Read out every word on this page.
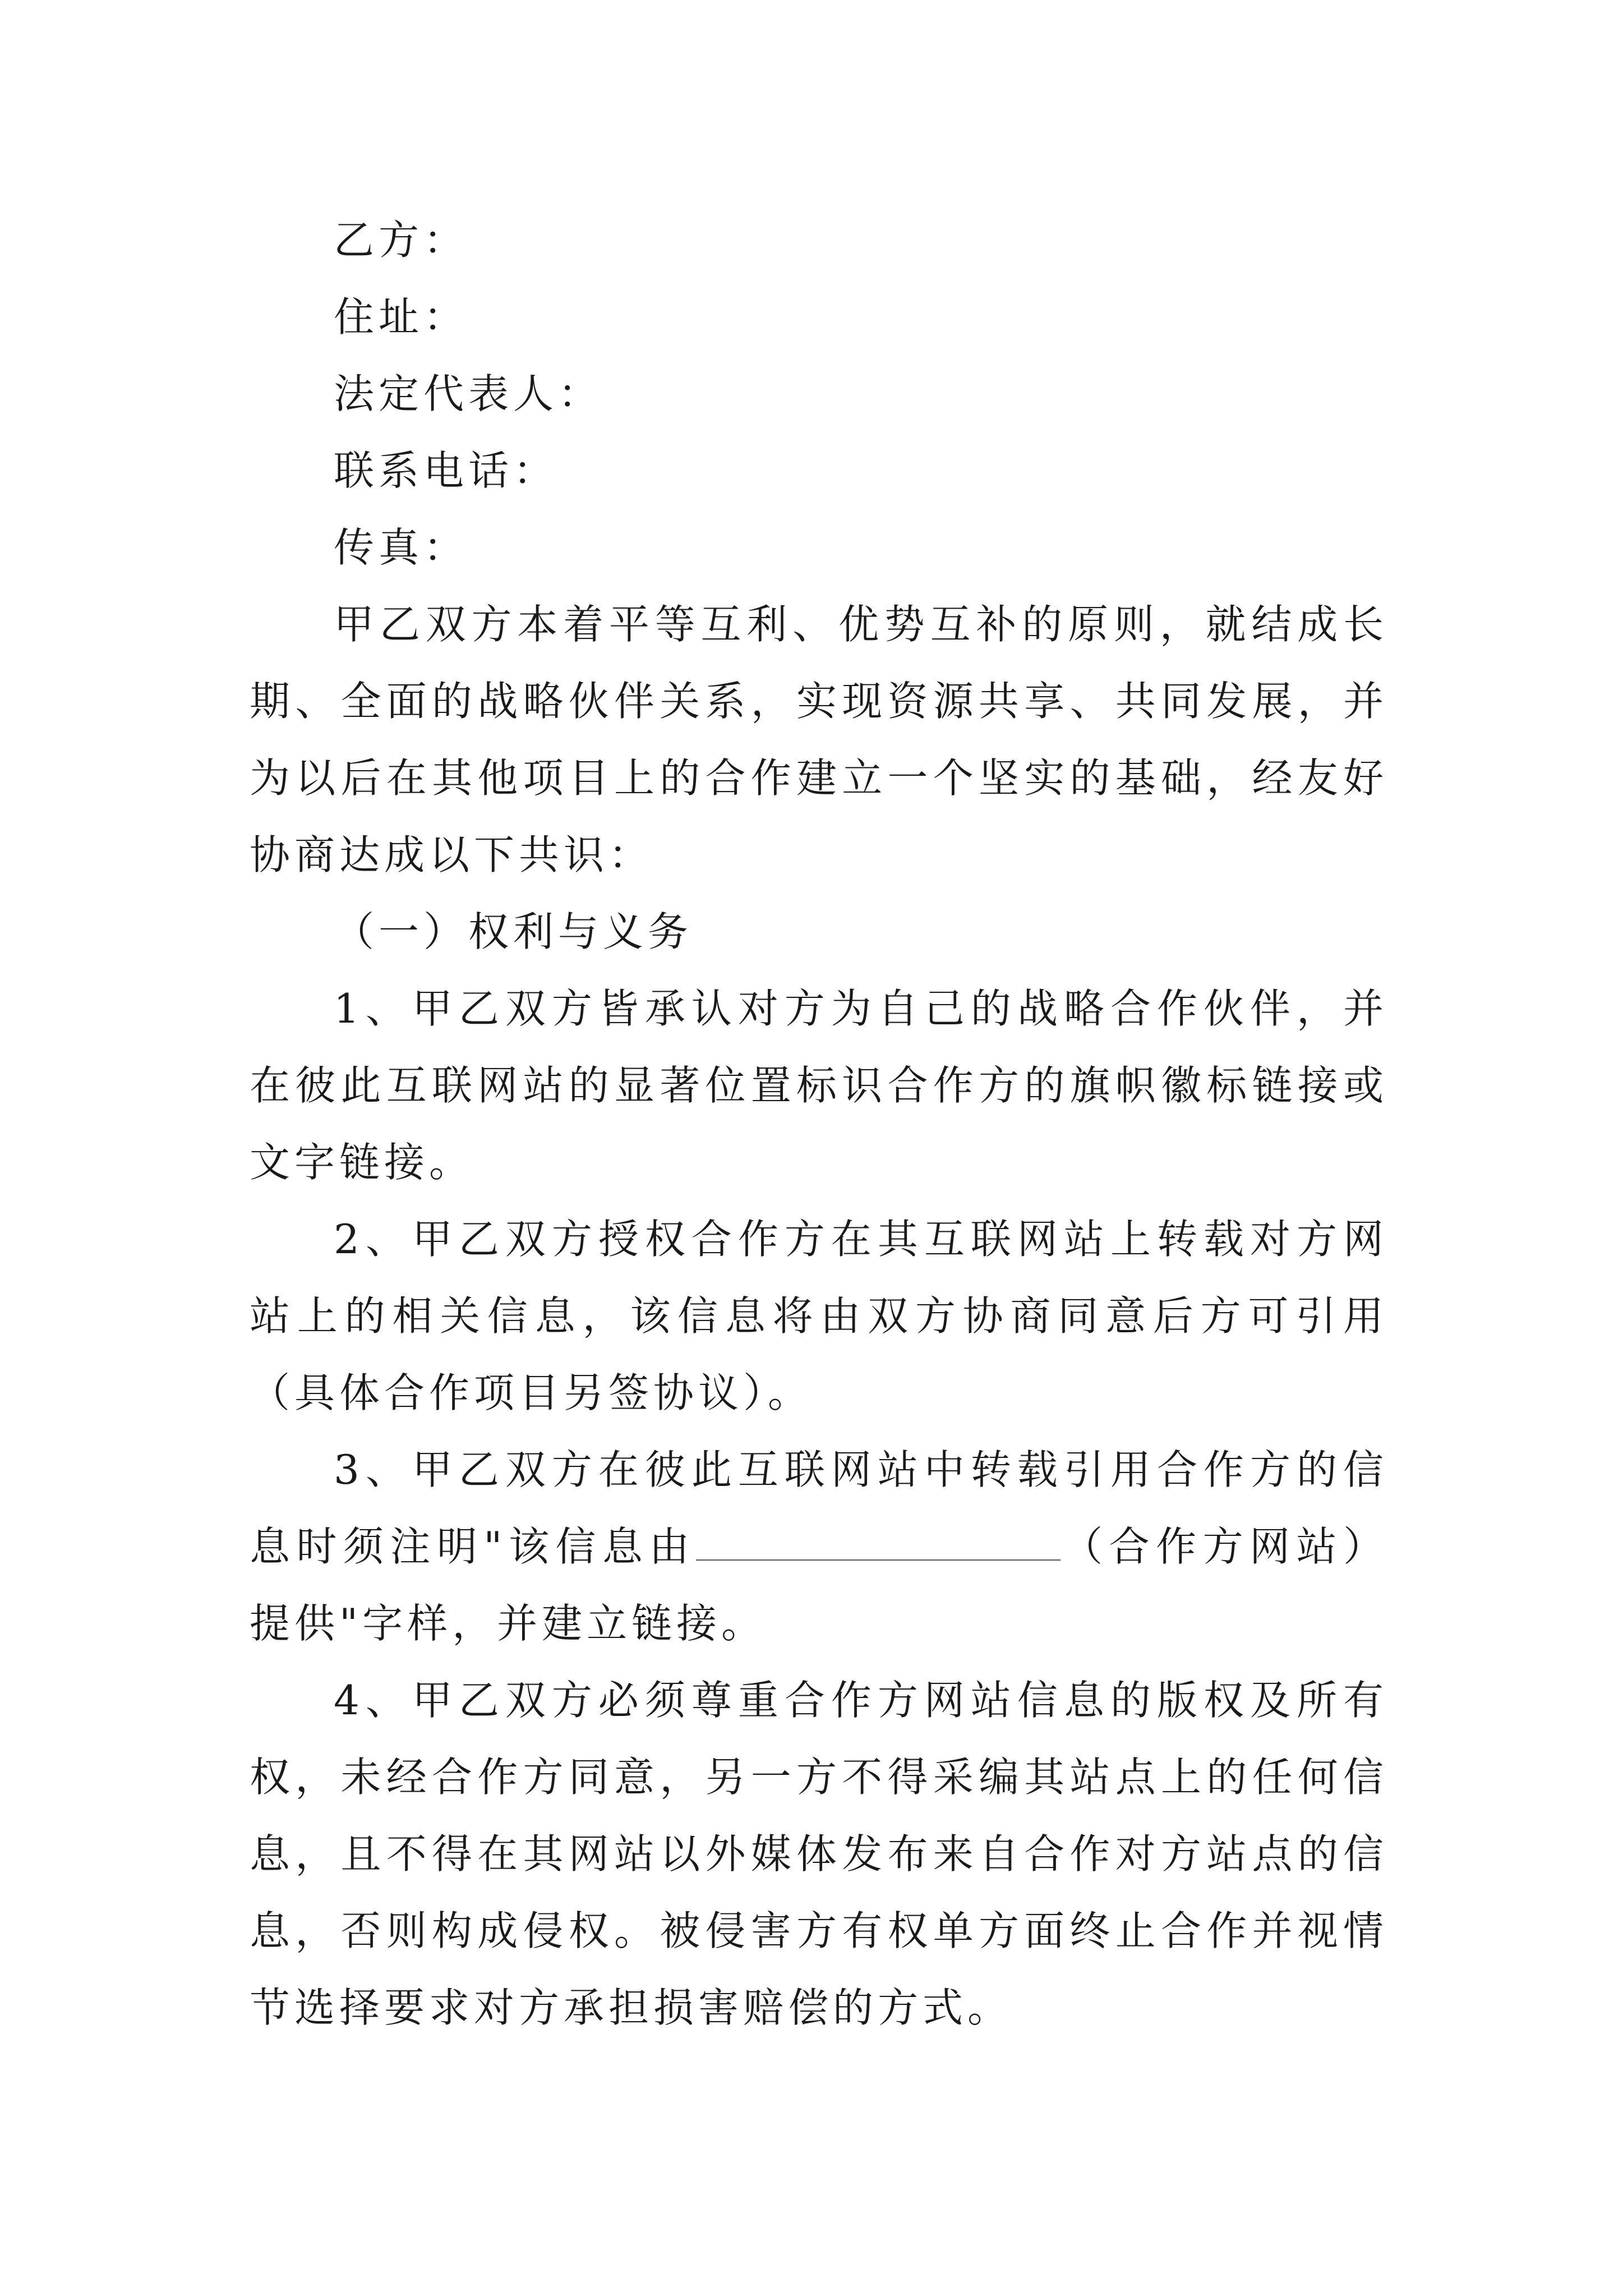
乙方：

住址：

法定代表人：

联系电话：

传真：

甲乙双方本着平等互利、优势互补的原则，就结成长期、全面的战略伙伴关系，实现资源共享、共同发展，并为以后在其他项目上的合作建立一个坚实的基础，经友好协商达成以下共识：

（一）权利与义务

1、甲乙双方皆承认对方为自己的战略合作伙伴，并在彼此互联网站的显著位置标识合作方的旗帜徽标链接或文字链接。

2、甲乙双方授权合作方在其互联网站上转载对方网站上的相关信息，该信息将由双方协商同意后方可引用（具体合作项目另签协议）。

3、甲乙双方在彼此互联网站中转载引用合作方的信息时须注明"该信息由	（合作方网站）提供"字样，并建立链接。

4、甲乙双方必须尊重合作方网站信息的版权及所有权，未经合作方同意，另一方不得采编其站点上的任何信息，且不得在其网站以外媒体发布来自合作对方站点的信息，否则构成侵权。被侵害方有权单方面终止合作并视情节选择要求对方承担损害赔偿的方式。
